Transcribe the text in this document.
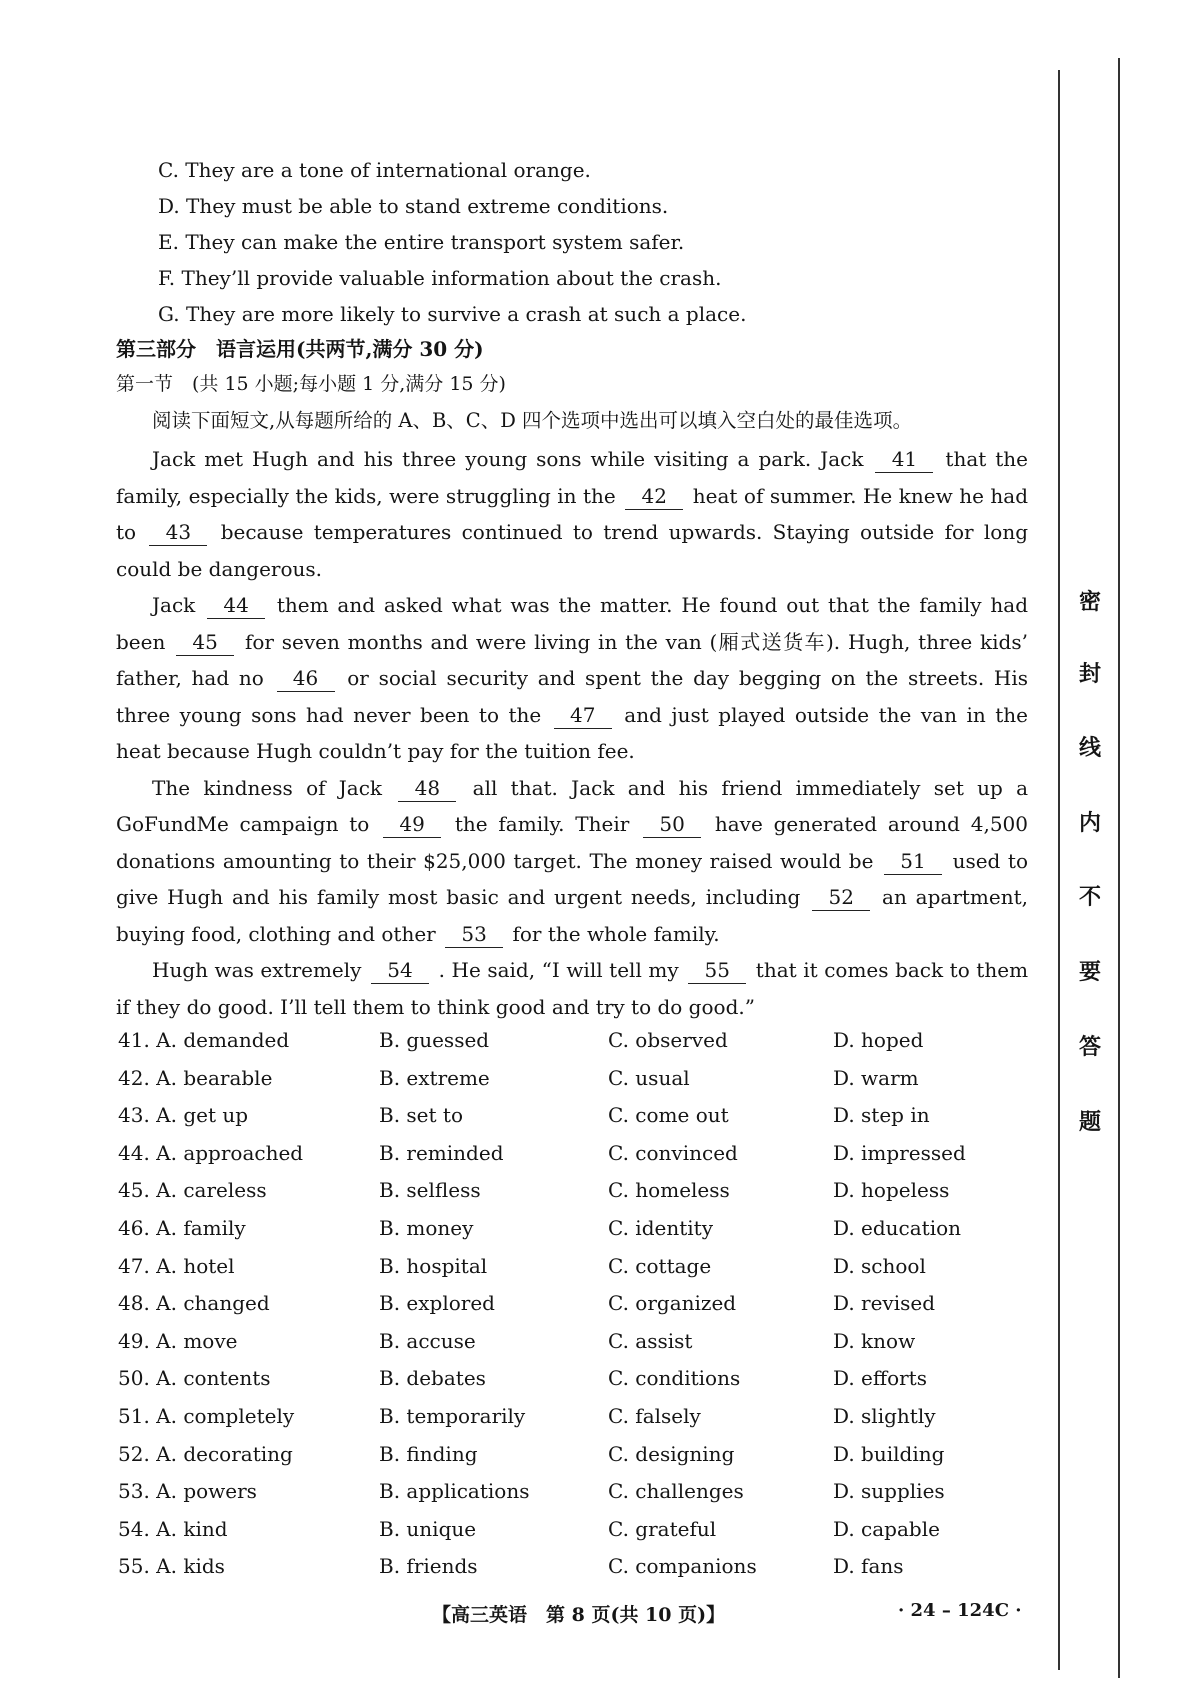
C. They are a tone of international orange.
D. They must be able to stand extreme conditions.
E. They can make the entire transport system safer.
F. They’ll provide valuable information about the crash.
G. They are more likely to survive a crash at such a place.
第三部分　语言运用(共两节,满分 30 分)
第一节　(共 15 小题;每小题 1 分,满分 15 分)
阅读下面短文,从每题所给的 A、B、C、D 四个选项中选出可以填入空白处的最佳选项。

Jack met Hugh and his three young sons while visiting a park. Jack 41 that the family, especially the kids, were struggling in the 42 heat of summer. He knew he had to 43 because temperatures continued to trend upwards. Staying outside for long could be dangerous.

Jack 44 them and asked what was the matter. He found out that the family had been 45 for seven months and were living in the van (厢式送货车). Hugh, three kids’ father, had no 46 or social security and spent the day begging on the streets. His three young sons had never been to the 47 and just played outside the van in the heat because Hugh couldn’t pay for the tuition fee.

The kindness of Jack 48 all that. Jack and his friend immediately set up a GoFundMe campaign to 49 the family. Their 50 have generated around 4,500 donations amounting to their $25,000 target. The money raised would be 51 used to give Hugh and his family most basic and urgent needs, including 52 an apartment, buying food, clothing and other 53 for the whole family.

Hugh was extremely 54 . He said, “I will tell my 55 that it comes back to them if they do good. I’ll tell them to think good and try to do good.”

41. A. demanded	B. guessed	C. observed	D. hoped
42. A. bearable	B. extreme	C. usual	D. warm
43. A. get up	B. set to	C. come out	D. step in
44. A. approached	B. reminded	C. convinced	D. impressed
45. A. careless	B. selfless	C. homeless	D. hopeless
46. A. family	B. money	C. identity	D. education
47. A. hotel	B. hospital	C. cottage	D. school
48. A. changed	B. explored	C. organized	D. revised
49. A. move	B. accuse	C. assist	D. know
50. A. contents	B. debates	C. conditions	D. efforts
51. A. completely	B. temporarily	C. falsely	D. slightly
52. A. decorating	B. finding	C. designing	D. building
53. A. powers	B. applications	C. challenges	D. supplies
54. A. kind	B. unique	C. grateful	D. capable
55. A. kids	B. friends	C. companions	D. fans
【高三英语　第 8 页(共 10 页)】	· 24 – 124C ·
密
封
线
内
不
要
答
题
